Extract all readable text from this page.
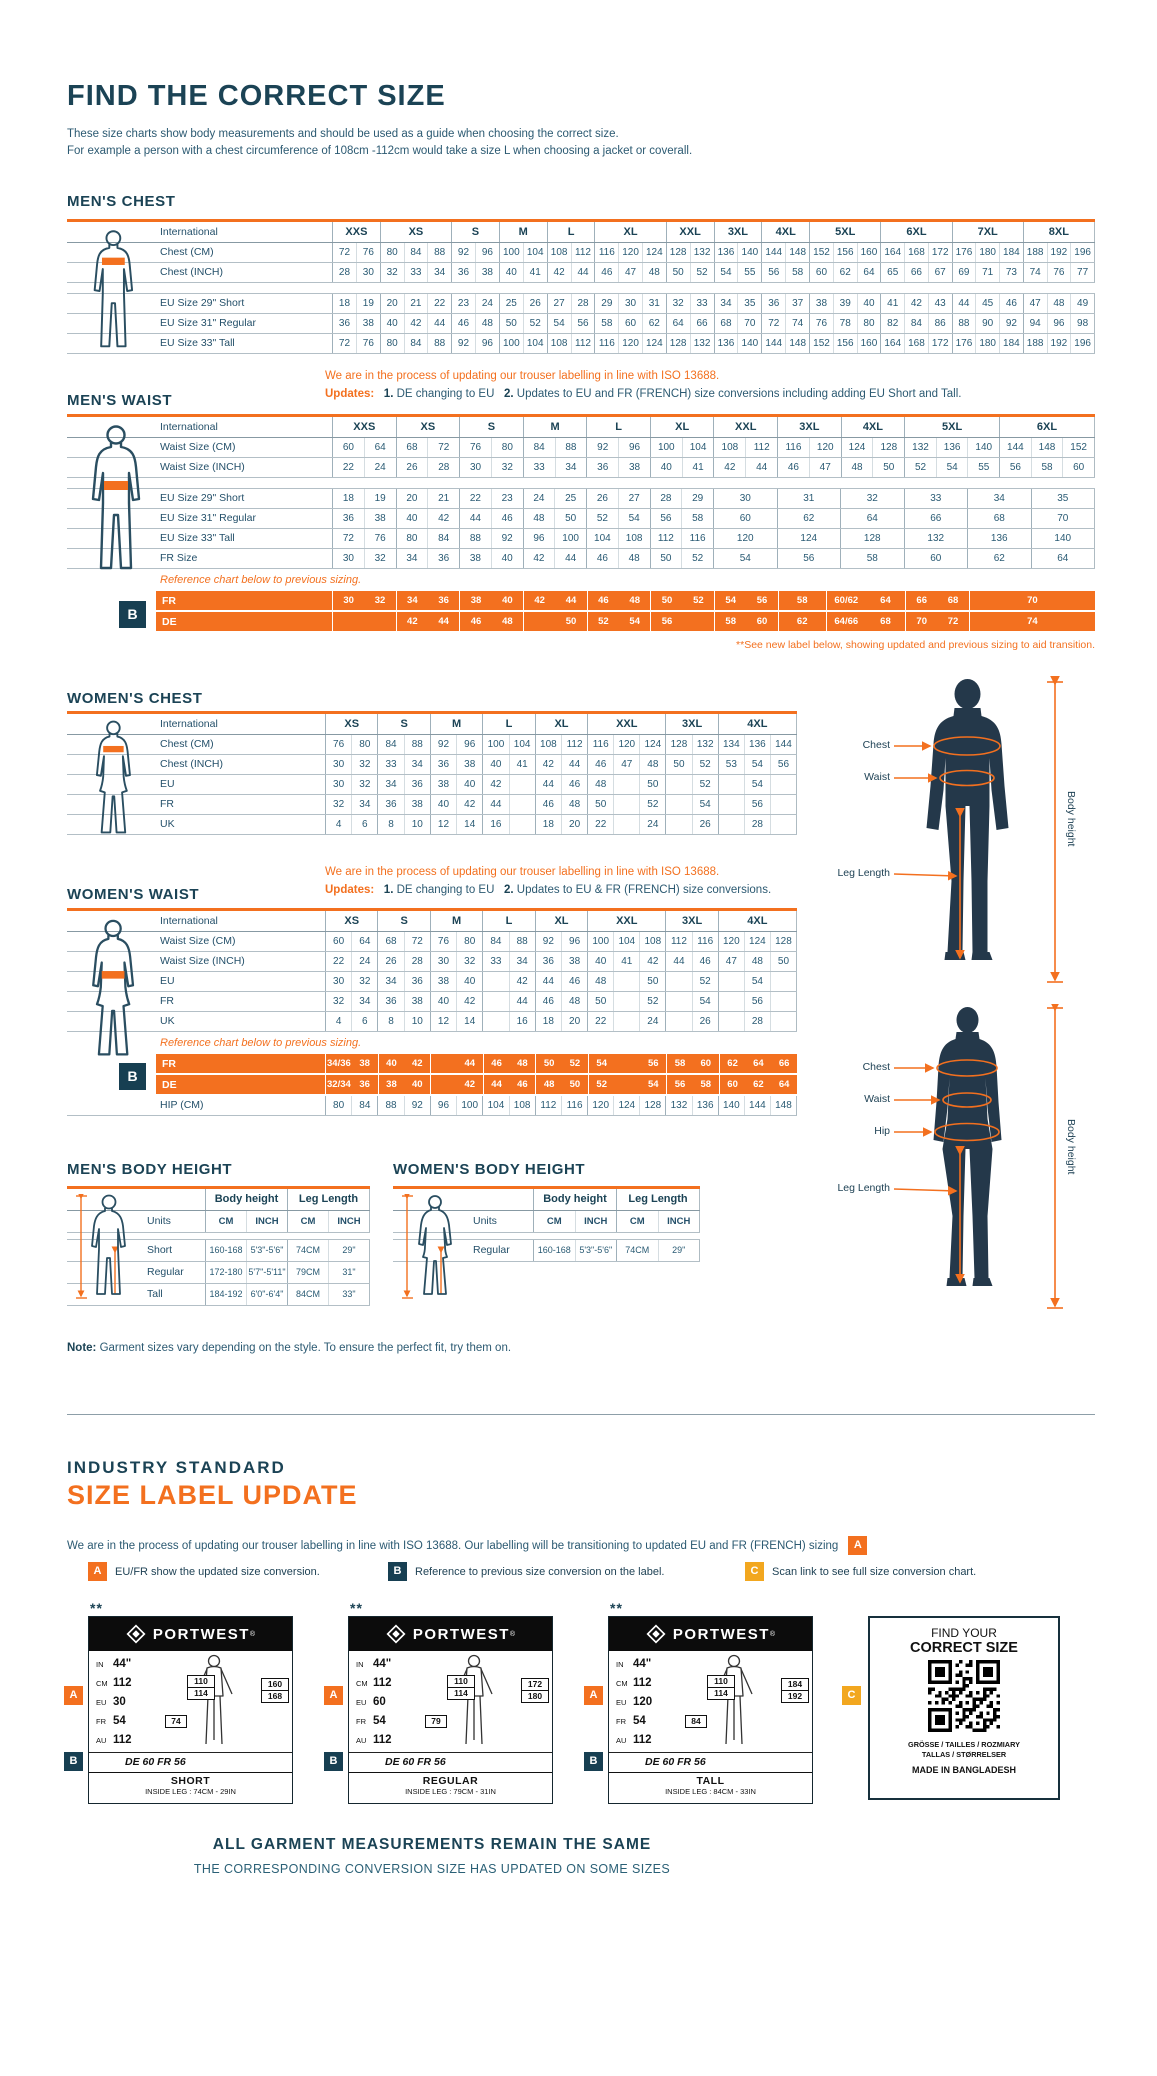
FIND THE CORRECT SIZE
These size charts show body measurements and should be used as a guide when choosing the correct size.
For example a person with a chest circumference of 108cm -112cm would take a size L when choosing a jacket or coverall.
MEN'S CHEST
International	XXS	XS	S	M	L	XL	XXL	3XL	4XL	5XL	6XL	7XL	8XL
Chest (CM)	72	76	80	84	88	92	96	100 104 108 112 116 120 124 128 132 136 140 144 148 152 156 160 164 168 172 176 180 184 188 192 196
Chest (INCH)	28	30	32	33	34	36	38	40	41	42	44	46	47	48	50	52	54	55	56	58	60	62	64	65	66	67	69	71	73	74	76	77
EU Size 29" Short	18	19	20	21	22	23	24	25	26	27	28	29	30	31	32	33	34	35	36	37	38	39	40	41	42	43	44	45	46	47	48	49
EU Size 31" Regular	36	38	40	42	44	46	48	50	52	54	56	58	60	62	64	66	68	70	72	74	76	78	80	82	84	86	88	90	92	94	96	98
EU Size 33" Tall	72	76	80	84	88	92	96	100 104 108 112 116 120 124 128 132 136 140 144 148 152 156 160 164 168 172 176 180 184 188 192 196
We are in the process of updating our trouser labelling in line with ISO 13688.
Updates: 1. DE changing to EU 2. Updates to EU and FR (FRENCH) size conversions including adding EU Short and Tall.
MEN'S WAIST
B
International	XXS	XS	S	M	L	XL	XXL	3XL	4XL	5XL	6XL
Waist Size (CM)	60	64	68	72	76	80	84	88	92	96	100	104	108	112	116	120	124	128	132	136	140	144	148	152
Waist Size (INCH)	22	24	26	28	30	32	33	34	36	38	40	41	42	44	46	47	48	50	52	54	55	56	58	60
EU Size 29" Short	18	19	20	21	22	23	24	25	26	27	28	29	30	31	32	33	34	35
EU Size 31" Regular	36	38	40	42	44	46	48	50	52	54	56	58	60	62	64	66	68	70
EU Size 33" Tall	72	76	80	84	88	92	96	100	104	108	112	116	120	124	128	132	136	140
FR Size	30	32	34	36	38	40	42	44	46	48	50	52	54	56	58	60	62	64
Reference chart below to previous sizing.
FR	30	32	34	36	38	40	42	44	46	48	50	52	54	56	58	60/62	64	66	68	70
DE	42	44	46	48	50	52	54	56	58	60	62	64/66	68	70	72	74
**See new label below, showing updated and previous sizing to aid transition.
WOMEN'S CHEST
International	XS	S	M	L	XL	XXL	3XL	4XL
Chest (CM)	76	80	84	88	92	96	100 104 108 112	116 120 124 128 132 134 136 144
Chest (INCH)	30	32	33	34	36	38	40	41	42	44	46	47	48	50	52	53	54	56
EU	30	32	34	36	38	40	42	44	46	48	50	52	54
FR	32	34	36	38	40	42	44	46	48	50	52	54	56
UK	4	6	8	10	12	14	16	18	20	22	24	26	28
We are in the process of updating our trouser labelling in line with ISO 13688.
Updates: 1. DE changing to EU 2. Updates to EU & FR (FRENCH) size conversions.
WOMEN'S WAIST
B
International	XS	S	M	L	XL	XXL	3XL	4XL
Waist Size (CM)	60	64	68	72	76	80	84	88	92	96	100 104 108 112	116 120 124 128
Waist Size (INCH)	22	24	26	28	30	32	33	34	36	38	40	41	42	44	46	47	48	50
EU	30	32	34	36	38	40	42	44	46	48	50	52	54
FR	32	34	36	38	40	42	44	46	48	50	52	54	56
UK	4	6	8	10	12	14	16	18	20	22	24	26	28
Reference chart below to previous sizing.
FR	34/36 38	40	42	44	46	48	50	52	54	56	58	60	62	64	66
DE	32/34 36	38	40	42	44	46	48	50	52	54	56	58	60	62	64
HIP (CM)	80	84	88	92	96	100 104 108 112	116 120 124 128 132 136 140 144 148
Chest
Waist
Leg Length
Body height
Chest
Waist
Hip
Leg Length
Body height
MEN'S BODY HEIGHT
Body height	Leg Length
Units	CM	INCH	CM	INCH
Short	160-168 5'3"-5'6"	74CM	29"
Regular	172-180 5'7"-5'11"	79CM	31"
Tall	184-192 6'0"-6'4"	84CM	33"
WOMEN'S BODY HEIGHT
Body height	Leg Length
Units	CM	INCH	CM	INCH
Regular	160-168 5'3"-5'6"	74CM	29"
Note: Garment sizes vary depending on the style. To ensure the perfect fit, try them on.
INDUSTRY STANDARD
SIZE LABEL UPDATE
We are in the process of updating our trouser labelling in line with ISO 13688. Our labelling will be transitioning to updated EU and FR (FRENCH) sizing	A
A	EU/FR show the updated size conversion.	B	Reference to previous size conversion on the label.	C	Scan link to see full size conversion chart.
FIND YOUR
CORRECT SIZE
GRÖSSE / TAILLES / ROZMIARY
TALLAS / STØRRELSER
MADE IN BANGLADESH
C
**
PORTWEST ®
IN 44"
CM 112
EU 30
FR 54
AU 112
110
114
160
168
74
DE 60 FR 56
SHORT
INSIDE LEG : 74CM - 29IN
A
B
**
PORTWEST ®
IN 44"
CM 112
EU 60
FR 54
AU 112
110
114
172
180
79
DE 60 FR 56
REGULAR
INSIDE LEG : 79CM - 31IN
A
B
**
PORTWEST ®
IN 44"
CM 112
EU 120
FR 54
AU 112
110
114
184
192
84
DE 60 FR 56
TALL
INSIDE LEG : 84CM - 33IN
A
B
ALL GARMENT MEASUREMENTS REMAIN THE SAME
THE CORRESPONDING CONVERSION SIZE HAS UPDATED ON SOME SIZES
